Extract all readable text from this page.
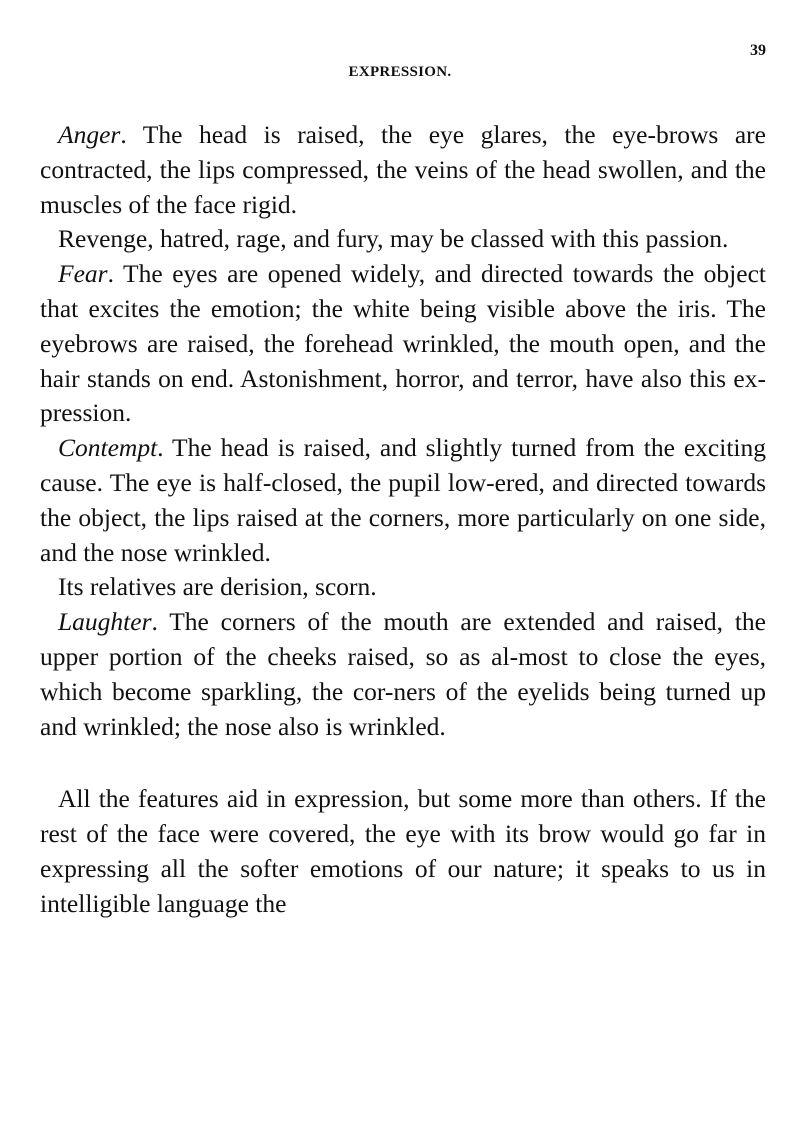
39
EXPRESSION.

Anger. The head is raised, the eye glares, the eye-brows are contracted, the lips compressed, the veins of the head swollen, and the muscles of the face rigid.

Revenge, hatred, rage, and fury, may be classed with this passion.

Fear. The eyes are opened widely, and directed towards the object that excites the emotion; the white being visible above the iris. The eyebrows are raised, the forehead wrinkled, the mouth open, and the hair stands on end. Astonishment, horror, and terror, have also this ex-pression.

Contempt. The head is raised, and slightly turned from the exciting cause. The eye is half-closed, the pupil low-ered, and directed towards the object, the lips raised at the corners, more particularly on one side, and the nose wrinkled.

Its relatives are derision, scorn.

Laughter. The corners of the mouth are extended and raised, the upper portion of the cheeks raised, so as al-most to close the eyes, which become sparkling, the cor-ners of the eyelids being turned up and wrinkled; the nose also is wrinkled.

All the features aid in expression, but some more than others. If the rest of the face were covered, the eye with its brow would go far in expressing all the softer emotions of our nature; it speaks to us in intelligible language the
